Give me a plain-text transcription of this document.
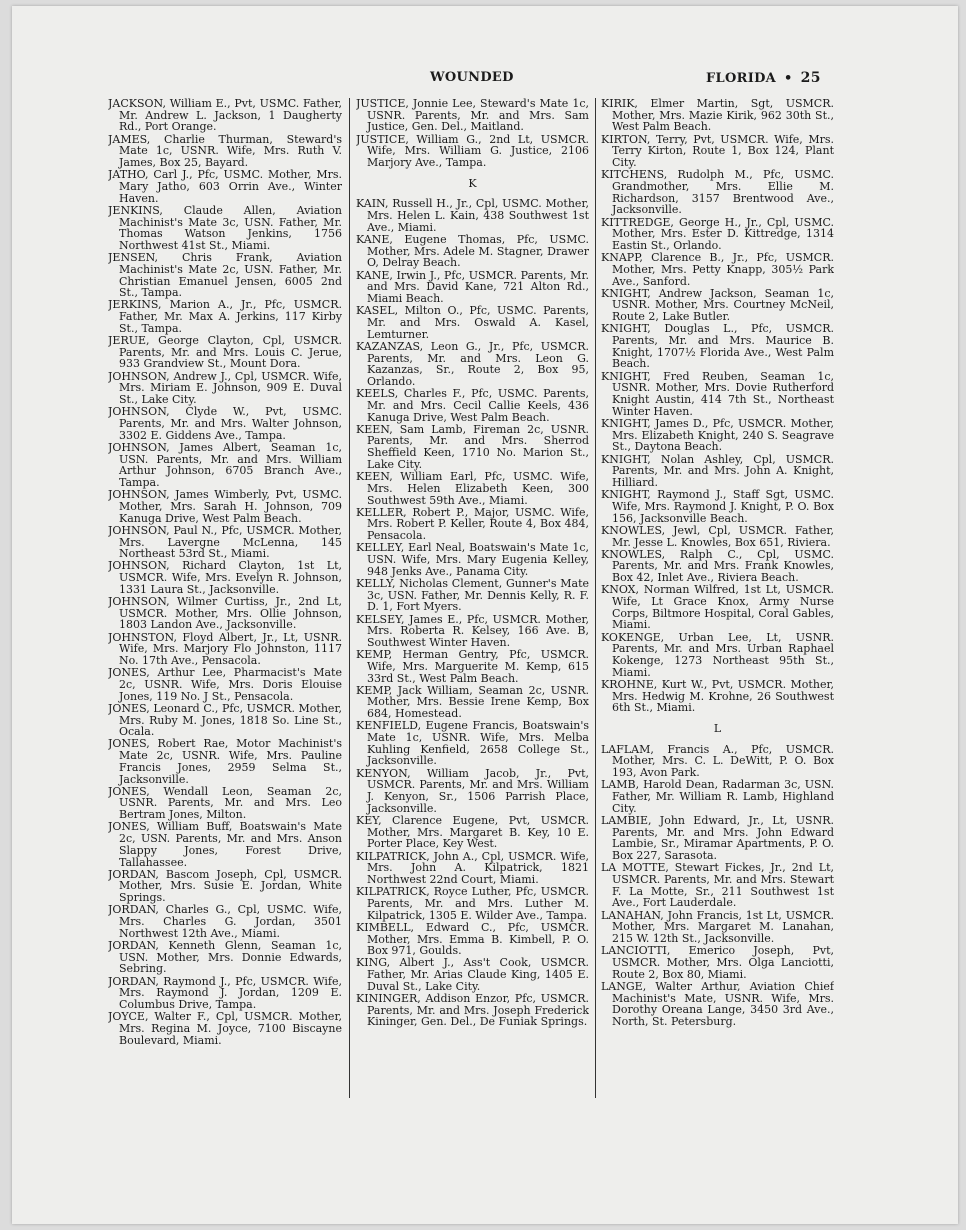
WOUNDED	FLORIDA • 25
JACKSON, William E., Pvt, USMC. Father, Mr. Andrew L. Jackson, 1 Daugherty Rd., Port Orange.
JAMES, Charlie Thurman, Steward's Mate 1c, USNR. Wife, Mrs. Ruth V. James, Box 25, Bayard.
JATHO, Carl J., Pfc, USMC. Mother, Mrs. Mary Jatho, 603 Orrin Ave., Winter Haven.
JENKINS, Claude Allen, Aviation Machinist's Mate 3c, USN. Father, Mr. Thomas Watson Jenkins, 1756 Northwest 41st St., Miami.
JENSEN, Chris Frank, Aviation Machinist's Mate 2c, USN. Father, Mr. Christian Emanuel Jensen, 6005 2nd St., Tampa.
JERKINS, Marion A., Jr., Pfc, USMCR. Father, Mr. Max A. Jerkins, 117 Kirby St., Tampa.
JERUE, George Clayton, Cpl, USMCR. Parents, Mr. and Mrs. Louis C. Jerue, 933 Grandview St., Mount Dora.
JOHNSON, Andrew J., Cpl, USMCR. Wife, Mrs. Miriam E. Johnson, 909 E. Duval St., Lake City.
JOHNSON, Clyde W., Pvt, USMC. Parents, Mr. and Mrs. Walter Johnson, 3302 E. Giddens Ave., Tampa.
JOHNSON, James Albert, Seaman 1c, USN. Parents, Mr. and Mrs. William Arthur Johnson, 6705 Branch Ave., Tampa.
JOHNSON, James Wimberly, Pvt, USMC. Mother, Mrs. Sarah H. Johnson, 709 Kanuga Drive, West Palm Beach.
JOHNSON, Paul N., Pfc, USMCR. Mother, Mrs. Lavergne McLenna, 145 Northeast 53rd St., Miami.
JOHNSON, Richard Clayton, 1st Lt, USMCR. Wife, Mrs. Evelyn R. Johnson, 1331 Laura St., Jacksonville.
JOHNSON, Wilmer Curtiss, Jr., 2nd Lt, USMCR. Mother, Mrs. Ollie Johnson, 1803 Landon Ave., Jacksonville.
JOHNSTON, Floyd Albert, Jr., Lt, USNR. Wife, Mrs. Marjory Flo Johnston, 1117 No. 17th Ave., Pensacola.
JONES, Arthur Lee, Pharmacist's Mate 2c, USNR. Wife, Mrs. Doris Elouise Jones, 119 No. J St., Pensacola.
JONES, Leonard C., Pfc, USMCR. Mother, Mrs. Ruby M. Jones, 1818 So. Line St., Ocala.
JONES, Robert Rae, Motor Machinist's Mate 2c, USNR. Wife, Mrs. Pauline Francis Jones, 2959 Selma St., Jacksonville.
JONES, Wendall Leon, Seaman 2c, USNR. Parents, Mr. and Mrs. Leo Bertram Jones, Milton.
JONES, William Buff, Boatswain's Mate 2c, USN. Parents, Mr. and Mrs. Anson Slappy Jones, Forest Drive, Tallahassee.
JORDAN, Bascom Joseph, Cpl, USMCR. Mother, Mrs. Susie E. Jordan, White Springs.
JORDAN, Charles G., Cpl, USMC. Wife, Mrs. Charles G. Jordan, 3501 Northwest 12th Ave., Miami.
JORDAN, Kenneth Glenn, Seaman 1c, USN. Mother, Mrs. Donnie Edwards, Sebring.
JORDAN, Raymond J., Pfc, USMCR. Wife, Mrs. Raymond J. Jordan, 1209 E. Columbus Drive, Tampa.
JOYCE, Walter F., Cpl, USMCR. Mother, Mrs. Regina M. Joyce, 7100 Biscayne Boulevard, Miami.
JUSTICE, Jonnie Lee, Steward's Mate 1c, USNR. Parents, Mr. and Mrs. Sam Justice, Gen. Del., Maitland.
JUSTICE, William G., 2nd Lt, USMCR. Wife, Mrs. William G. Justice, 2106 Marjory Ave., Tampa.
K
KAIN, Russell H., Jr., Cpl, USMC. Mother, Mrs. Helen L. Kain, 438 Southwest 1st Ave., Miami.
KANE, Eugene Thomas, Pfc, USMC. Mother, Mrs. Adele M. Stagner, Drawer O, Delray Beach.
KANE, Irwin J., Pfc, USMCR. Parents, Mr. and Mrs. David Kane, 721 Alton Rd., Miami Beach.
KASEL, Milton O., Pfc, USMC. Parents, Mr. and Mrs. Oswald A. Kasel, Lemturner.
KAZANZAS, Leon G., Jr., Pfc, USMCR. Parents, Mr. and Mrs. Leon G. Kazanzas, Sr., Route 2, Box 95, Orlando.
KEELS, Charles F., Pfc, USMC. Parents, Mr. and Mrs. Cecil Callie Keels, 436 Kanuga Drive, West Palm Beach.
KEEN, Sam Lamb, Fireman 2c, USNR. Parents, Mr. and Mrs. Sherrod Sheffield Keen, 1710 No. Marion St., Lake City.
KEEN, William Earl, Pfc, USMC. Wife, Mrs. Helen Elizabeth Keen, 300 Southwest 59th Ave., Miami.
KELLER, Robert P., Major, USMC. Wife, Mrs. Robert P. Keller, Route 4, Box 484, Pensacola.
KELLEY, Earl Neal, Boatswain's Mate 1c, USN. Wife, Mrs. Mary Eugenia Kelley, 948 Jenks Ave., Panama City.
KELLY, Nicholas Clement, Gunner's Mate 3c, USN. Father, Mr. Dennis Kelly, R. F. D. 1, Fort Myers.
KELSEY, James E., Pfc, USMCR. Mother, Mrs. Roberta R. Kelsey, 166 Ave. B, Southwest Winter Haven.
KEMP, Herman Gentry, Pfc, USMCR. Wife, Mrs. Marguerite M. Kemp, 615 33rd St., West Palm Beach.
KEMP, Jack William, Seaman 2c, USNR. Mother, Mrs. Bessie Irene Kemp, Box 684, Homestead.
KENFIELD, Eugene Francis, Boatswain's Mate 1c, USNR. Wife, Mrs. Melba Kuhling Kenfield, 2658 College St., Jacksonville.
KENYON, William Jacob, Jr., Pvt, USMCR. Parents, Mr. and Mrs. William J. Kenyon, Sr., 1506 Parrish Place, Jacksonville.
KEY, Clarence Eugene, Pvt, USMCR. Mother, Mrs. Margaret B. Key, 10 E. Porter Place, Key West.
KILPATRICK, John A., Cpl, USMCR. Wife, Mrs. John A. Kilpatrick, 1821 Northwest 22nd Court, Miami.
KILPATRICK, Royce Luther, Pfc, USMCR. Parents, Mr. and Mrs. Luther M. Kilpatrick, 1305 E. Wilder Ave., Tampa.
KIMBELL, Edward C., Pfc, USMCR. Mother, Mrs. Emma B. Kimbell, P. O. Box 971, Goulds.
KING, Albert J., Ass't Cook, USMCR. Father, Mr. Arias Claude King, 1405 E. Duval St., Lake City.
KININGER, Addison Enzor, Pfc, USMCR. Parents, Mr. and Mrs. Joseph Frederick Kininger, Gen. Del., De Funiak Springs.
KIRIK, Elmer Martin, Sgt, USMCR. Mother, Mrs. Mazie Kirik, 962 30th St., West Palm Beach.
KIRTON, Terry, Pvt, USMCR. Wife, Mrs. Terry Kirton, Route 1, Box 124, Plant City.
KITCHENS, Rudolph M., Pfc, USMC. Grandmother, Mrs. Ellie M. Richardson, 3157 Brentwood Ave., Jacksonville.
KITTREDGE, George H., Jr., Cpl, USMC. Mother, Mrs. Ester D. Kittredge, 1314 Eastin St., Orlando.
KNAPP, Clarence B., Jr., Pfc, USMCR. Mother, Mrs. Petty Knapp, 305½ Park Ave., Sanford.
KNIGHT, Andrew Jackson, Seaman 1c, USNR. Mother, Mrs. Courtney McNeil, Route 2, Lake Butler.
KNIGHT, Douglas L., Pfc, USMCR. Parents, Mr. and Mrs. Maurice B. Knight, 1707½ Florida Ave., West Palm Beach.
KNIGHT, Fred Reuben, Seaman 1c, USNR. Mother, Mrs. Dovie Rutherford Knight Austin, 414 7th St., Northeast Winter Haven.
KNIGHT, James D., Pfc, USMCR. Mother, Mrs. Elizabeth Knight, 240 S. Seagrave St., Daytona Beach.
KNIGHT, Nolan Ashley, Cpl, USMCR. Parents, Mr. and Mrs. John A. Knight, Hilliard.
KNIGHT, Raymond J., Staff Sgt, USMC. Wife, Mrs. Raymond J. Knight, P. O. Box 156, Jacksonville Beach.
KNOWLES, Jewl, Cpl, USMCR. Father, Mr. Jesse L. Knowles, Box 651, Riviera.
KNOWLES, Ralph C., Cpl, USMC. Parents, Mr. and Mrs. Frank Knowles, Box 42, Inlet Ave., Riviera Beach.
KNOX, Norman Wilfred, 1st Lt, USMCR. Wife, Lt Grace Knox, Army Nurse Corps, Biltmore Hospital, Coral Gables, Miami.
KOKENGE, Urban Lee, Lt, USNR. Parents, Mr. and Mrs. Urban Raphael Kokenge, 1273 Northeast 95th St., Miami.
KROHNE, Kurt W., Pvt, USMCR. Mother, Mrs. Hedwig M. Krohne, 26 Southwest 6th St., Miami.
L
LAFLAM, Francis A., Pfc, USMCR. Mother, Mrs. C. L. DeWitt, P. O. Box 193, Avon Park.
LAMB, Harold Dean, Radarman 3c, USN. Father, Mr. William R. Lamb, Highland City.
LAMBIE, John Edward, Jr., Lt, USNR. Parents, Mr. and Mrs. John Edward Lambie, Sr., Miramar Apartments, P. O. Box 227, Sarasota.
LA MOTTE, Stewart Fickes, Jr., 2nd Lt, USMCR. Parents, Mr. and Mrs. Stewart F. La Motte, Sr., 211 Southwest 1st Ave., Fort Lauderdale.
LANAHAN, John Francis, 1st Lt, USMCR. Mother, Mrs. Margaret M. Lanahan, 215 W. 12th St., Jacksonville.
LANCIOTTI, Emerico Joseph, Pvt, USMCR. Mother, Mrs. Olga Lanciotti, Route 2, Box 80, Miami.
LANGE, Walter Arthur, Aviation Chief Machinist's Mate, USNR. Wife, Mrs. Dorothy Oreana Lange, 3450 3rd Ave., North, St. Petersburg.
